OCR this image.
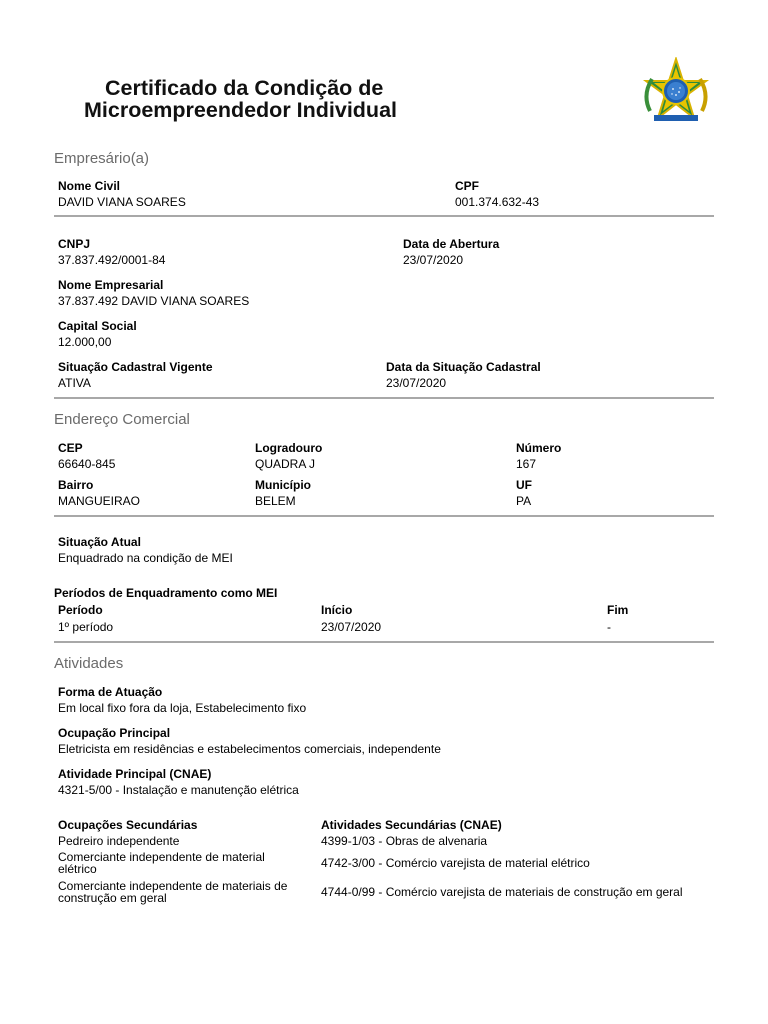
Certificado da Condição de
Microempreendedor Individual
Empresário(a)
Nome Civil
DAVID VIANA SOARES
CPF
001.374.632-43
CNPJ
37.837.492/0001-84
Data de Abertura
23/07/2020
Nome Empresarial
37.837.492 DAVID VIANA SOARES
Capital Social
12.000,00
Situação Cadastral Vigente
ATIVA
Data da Situação Cadastral
23/07/2020
Endereço Comercial
CEP
66640-845
Logradouro
QUADRA J
Número
167
Bairro
MANGUEIRAO
Município
BELEM
UF
PA
Situação Atual
Enquadrado na condição de MEI
Períodos de Enquadramento como MEI
Período	Início	Fim
1º período	23/07/2020	-
Atividades
Forma de Atuação
Em local fixo fora da loja, Estabelecimento fixo
Ocupação Principal
Eletricista em residências e estabelecimentos comerciais, independente
Atividade Principal (CNAE)
4321-5/00 - Instalação e manutenção elétrica
Ocupações Secundárias	Atividades Secundárias (CNAE)
Pedreiro independente	4399-1/03 - Obras de alvenaria
Comerciante independente de material elétrico	4742-3/00 - Comércio varejista de material elétrico
Comerciante independente de materiais de construção em geral	4744-0/99 - Comércio varejista de materiais de construção em geral
